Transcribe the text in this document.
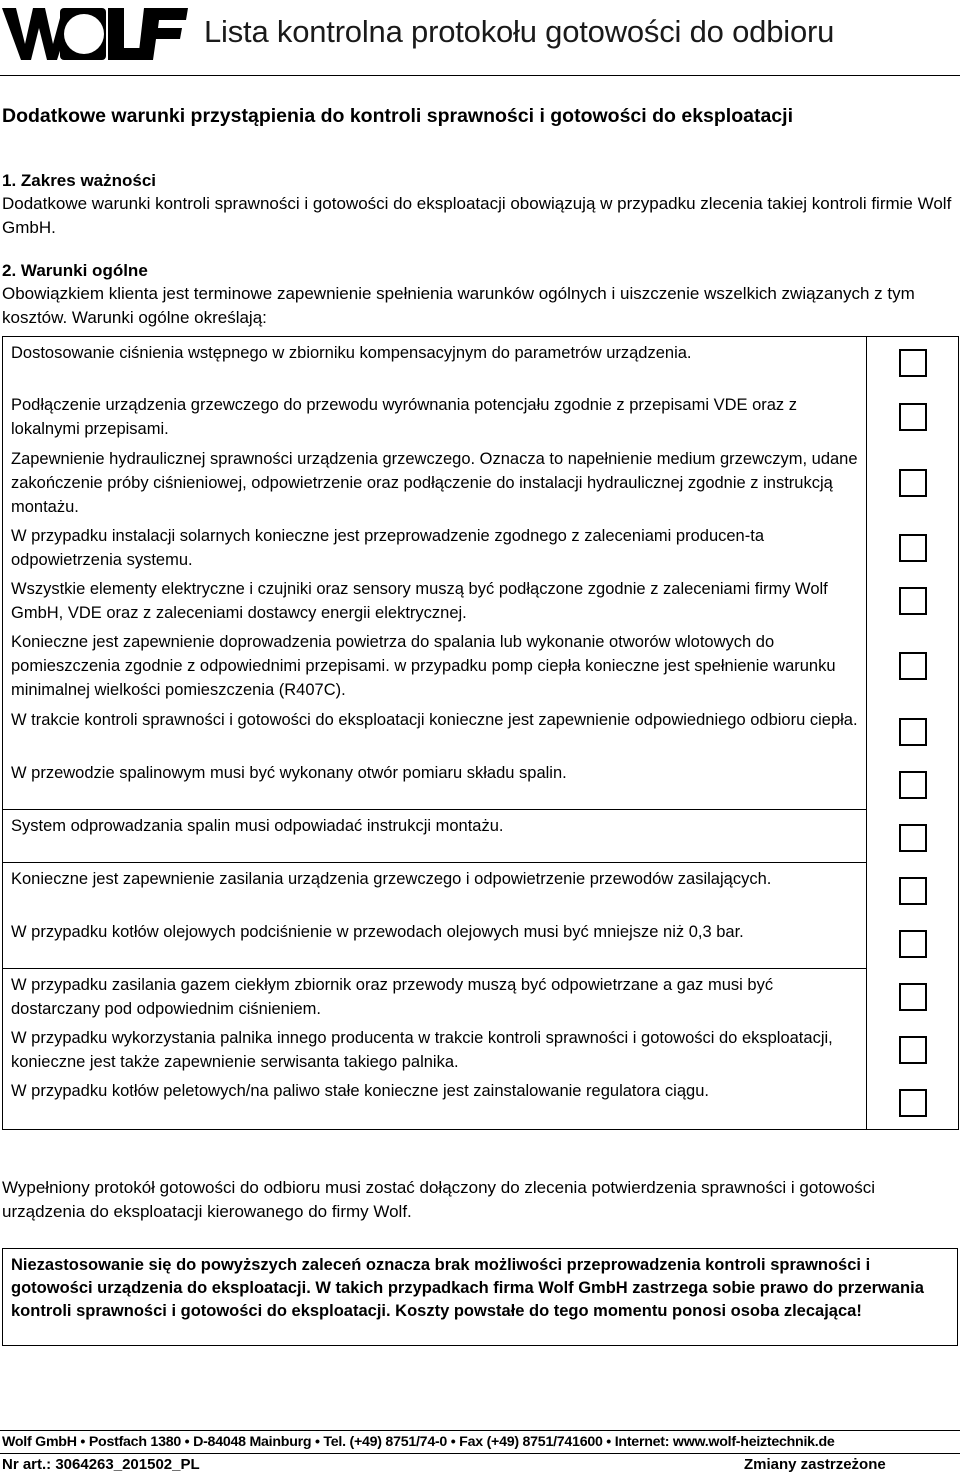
Lista kontrolna protokołu gotowości do odbioru
Dodatkowe warunki przystąpienia do kontroli sprawności i gotowości do eksploatacji
1. Zakres ważności
Dodatkowe warunki kontroli sprawności i gotowości do eksploatacji obowiązują w przypadku zlecenia takiej kontroli firmie Wolf GmbH.
2. Warunki ogólne
Obowiązkiem klienta jest terminowe zapewnienie spełnienia warunków ogólnych i uiszczenie wszelkich związanych z tym kosztów. Warunki ogólne określają:
Dostosowanie ciśnienia wstępnego w zbiorniku kompensacyjnym do parametrów urządzenia.
Podłączenie urządzenia grzewczego do przewodu wyrównania potencjału zgodnie z przepisami VDE oraz z lokalnymi przepisami.
Zapewnienie hydraulicznej sprawności urządzenia grzewczego. Oznacza to napełnienie medium grzewczym, udane zakończenie próby ciśnieniowej, odpowietrzenie oraz podłączenie do instalacji hydraulicznej zgodnie z instrukcją montażu.
W przypadku instalacji solarnych konieczne jest przeprowadzenie zgodnego z zaleceniami producen-ta odpowietrzenia systemu.
Wszystkie elementy elektryczne i czujniki oraz sensory muszą być podłączone zgodnie z zaleceniami firmy Wolf GmbH, VDE oraz z zaleceniami dostawcy energii elektrycznej.
Konieczne jest zapewnienie doprowadzenia powietrza do spalania lub wykonanie otworów wlotowych do pomieszczenia zgodnie z odpowiednimi przepisami. w przypadku pomp ciepła konieczne jest spełnienie warunku minimalnej wielkości pomieszczenia (R407C).
W trakcie kontroli sprawności i gotowości do eksploatacji konieczne jest zapewnienie odpowiedniego odbioru ciepła.
W przewodzie spalinowym musi być wykonany otwór pomiaru składu spalin.
System odprowadzania spalin musi odpowiadać instrukcji montażu.
Konieczne jest zapewnienie zasilania urządzenia grzewczego i odpowietrzenie przewodów zasilających.
W przypadku kotłów olejowych podciśnienie w przewodach olejowych musi być mniejsze niż 0,3 bar.
W przypadku zasilania gazem ciekłym zbiornik oraz przewody muszą być odpowietrzane a gaz musi być dostarczany pod odpowiednim ciśnieniem.
W przypadku wykorzystania palnika innego producenta w trakcie kontroli sprawności i gotowości do eksploatacji, konieczne jest także zapewnienie serwisanta takiego palnika.
W przypadku kotłów peletowych/na paliwo stałe konieczne jest zainstalowanie regulatora ciągu.
Wypełniony protokół gotowości do odbioru musi zostać dołączony do zlecenia potwierdzenia sprawności i gotowości urządzenia do eksploatacji kierowanego do firmy Wolf.
Niezastosowanie się do powyższych zaleceń oznacza brak możliwości przeprowadzenia kontroli sprawności i gotowości urządzenia do eksploatacji. W takich przypadkach firma Wolf GmbH zastrzega sobie prawo do przerwania kontroli sprawności i gotowości do eksploatacji. Koszty powstałe do tego momentu ponosi osoba zlecająca!
Wolf GmbH • Postfach 1380 • D-84048 Mainburg • Tel. (+49) 8751/74-0 • Fax (+49) 8751/741600 • Internet: www.wolf-heiztechnik.de
Nr art.: 3064263_201502_PL	Zmiany zastrzeżone
